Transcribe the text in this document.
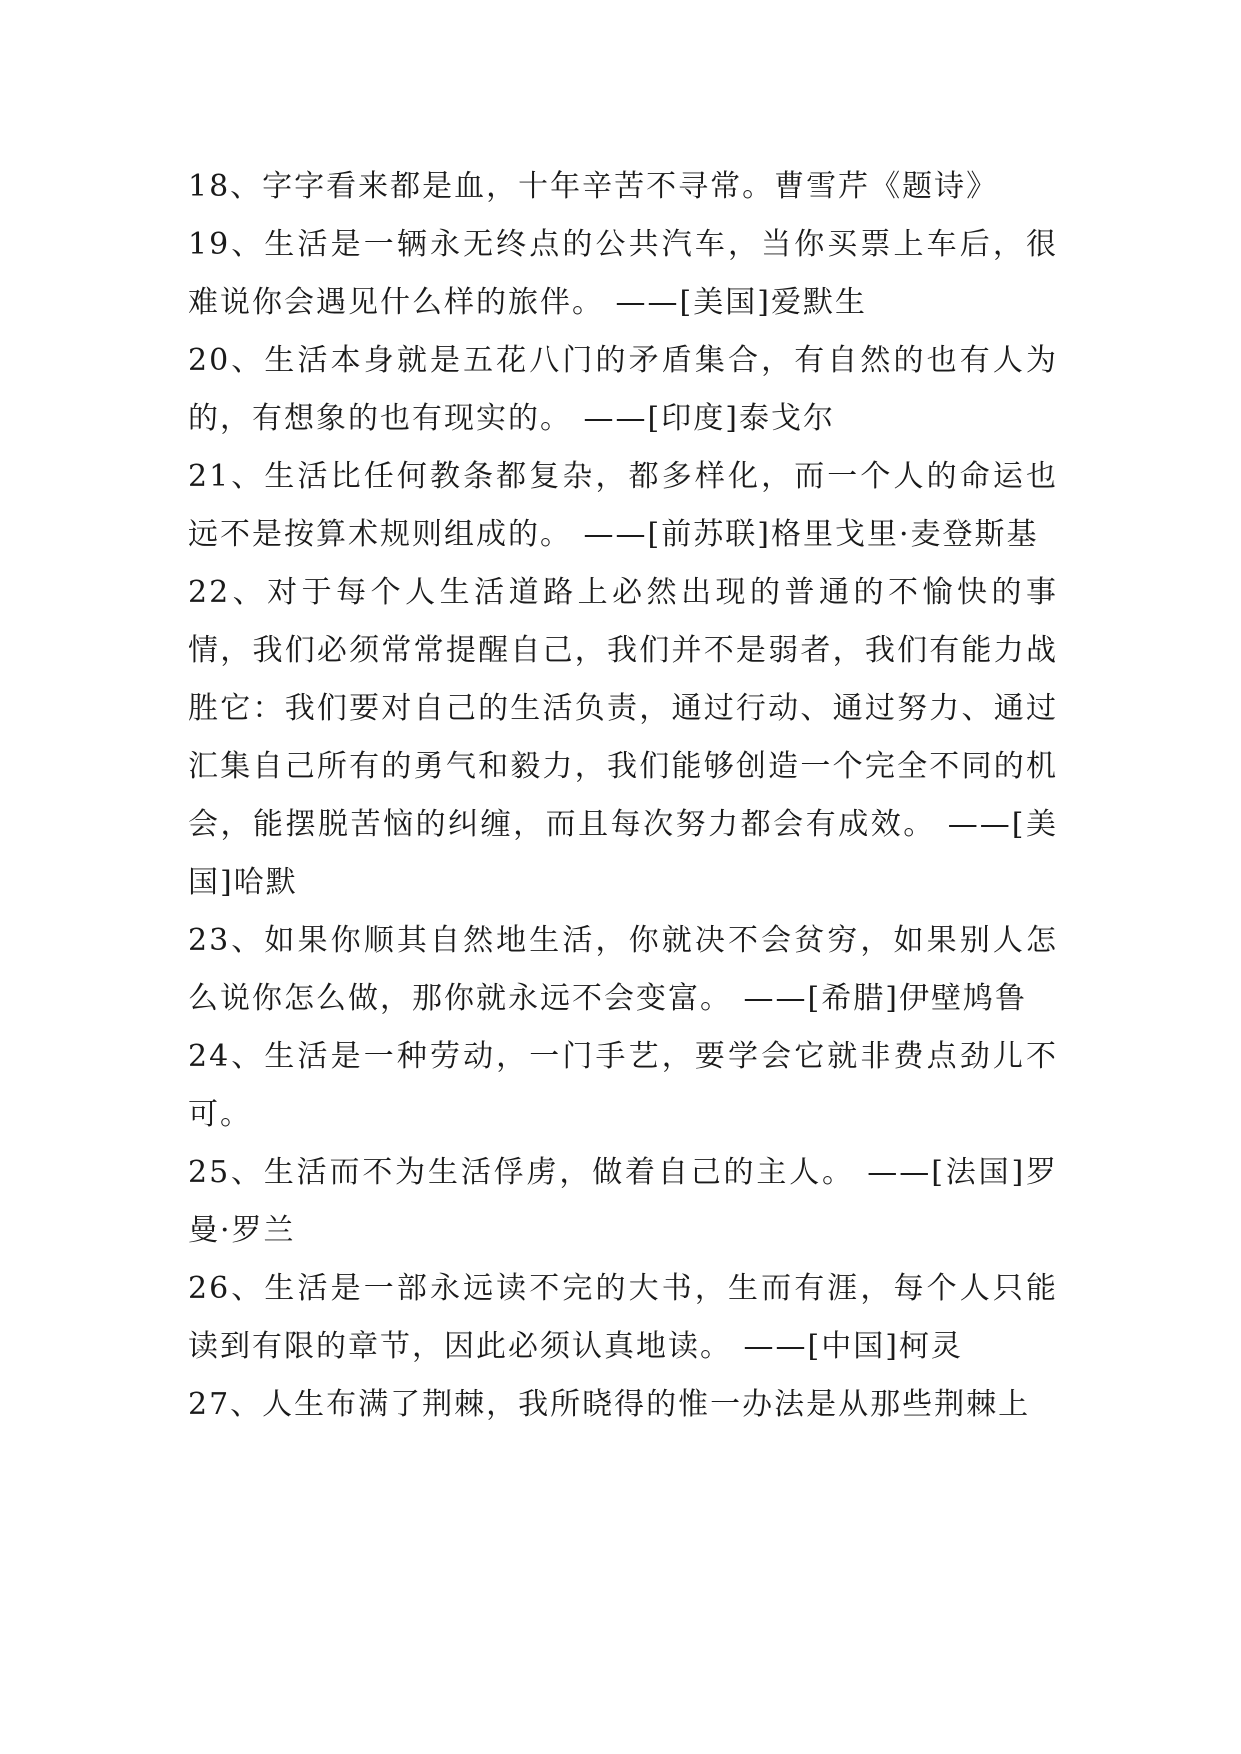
18、字字看来都是血，十年辛苦不寻常。曹雪芹《题诗》

19、生活是一辆永无终点的公共汽车，当你买票上车后，很难说你会遇见什么样的旅伴。 ——[美国]爱默生

20、生活本身就是五花八门的矛盾集合，有自然的也有人为的，有想象的也有现实的。 ——[印度]泰戈尔

21、生活比任何教条都复杂，都多样化，而一个人的命运也远不是按算术规则组成的。 ——[前苏联]格里戈里·麦登斯基

22、对于每个人生活道路上必然出现的普通的不愉快的事情，我们必须常常提醒自己，我们并不是弱者，我们有能力战胜它：我们要对自己的生活负责，通过行动、通过努力、通过汇集自己所有的勇气和毅力，我们能够创造一个完全不同的机会，能摆脱苦恼的纠缠，而且每次努力都会有成效。 ——[美国]哈默

23、如果你顺其自然地生活，你就决不会贫穷，如果别人怎么说你怎么做，那你就永远不会变富。 ——[希腊]伊壁鸠鲁

24、生活是一种劳动，一门手艺，要学会它就非费点劲儿不可。

25、生活而不为生活俘虏，做着自己的主人。 ——[法国]罗曼·罗兰

26、生活是一部永远读不完的大书，生而有涯，每个人只能读到有限的章节，因此必须认真地读。 ——[中国]柯灵

27、人生布满了荆棘，我所晓得的惟一办法是从那些荆棘上
